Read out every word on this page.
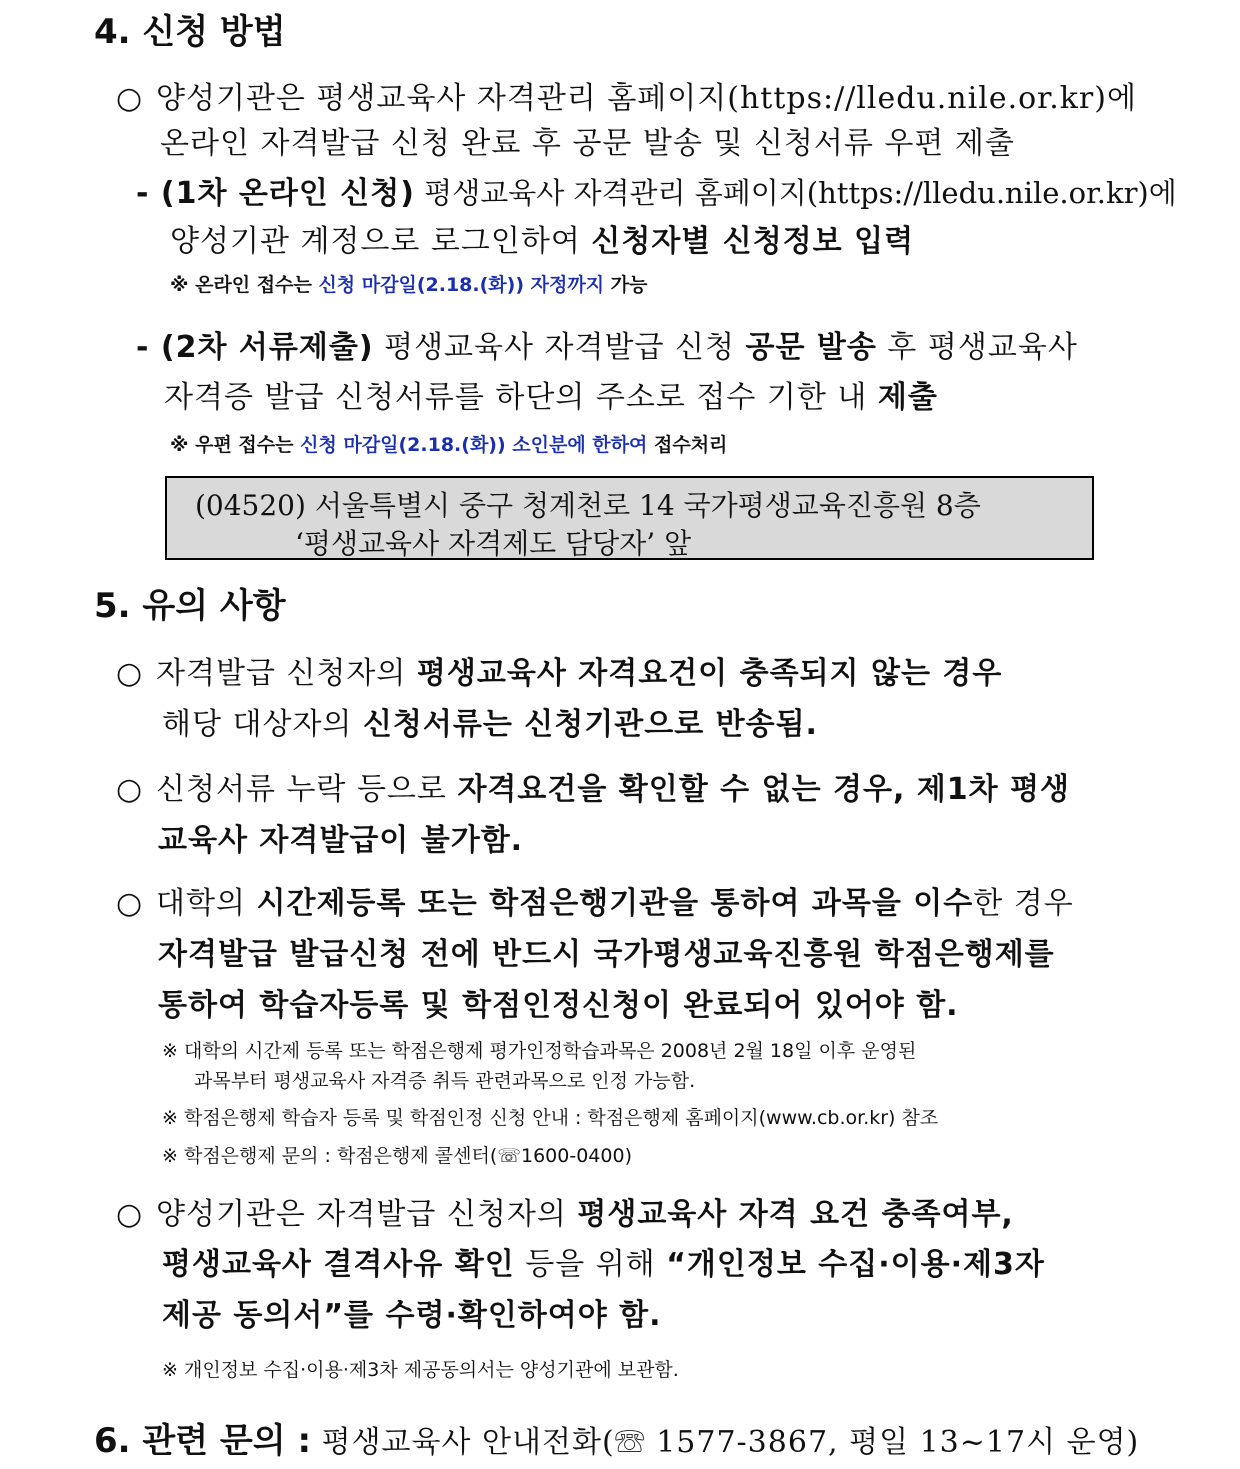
4. 신청 방법
○ 양성기관은 평생교육사 자격관리 홈페이지(https://lledu.nile.or.kr)에
온라인 자격발급 신청 완료 후 공문 발송 및 신청서류 우편 제출
- (1차 온라인 신청) 평생교육사 자격관리 홈페이지(https://lledu.nile.or.kr)에
양성기관 계정으로 로그인하여 신청자별 신청정보 입력
※ 온라인 접수는 신청 마감일(2.18.(화)) 자정까지 가능
- (2차 서류제출) 평생교육사 자격발급 신청 공문 발송 후 평생교육사
자격증 발급 신청서류를 하단의 주소로 접수 기한 내 제출
※ 우편 접수는 신청 마감일(2.18.(화)) 소인분에 한하여 접수처리
(04520) 서울특별시 중구 청계천로 14 국가평생교육진흥원 8층
‘평생교육사 자격제도 담당자’ 앞
5. 유의 사항
○ 자격발급 신청자의 평생교육사 자격요건이 충족되지 않는 경우
해당 대상자의 신청서류는 신청기관으로 반송됨.
○ 신청서류 누락 등으로 자격요건을 확인할 수 없는 경우, 제1차 평생
교육사 자격발급이 불가함.
○ 대학의 시간제등록 또는 학점은행기관을 통하여 과목을 이수한 경우
자격발급 발급신청 전에 반드시 국가평생교육진흥원 학점은행제를
통하여 학습자등록 및 학점인정신청이 완료되어 있어야 함.
※ 대학의 시간제 등록 또는 학점은행제 평가인정학습과목은 2008년 2월 18일 이후 운영된
과목부터 평생교육사 자격증 취득 관련과목으로 인정 가능함.
※ 학점은행제 학습자 등록 및 학점인정 신청 안내 : 학점은행제 홈페이지(www.cb.or.kr) 참조
※ 학점은행제 문의 : 학점은행제 콜센터(☏1600-0400)
○ 양성기관은 자격발급 신청자의 평생교육사 자격 요건 충족여부,
평생교육사 결격사유 확인 등을 위해 “개인정보 수집·이용·제3자
제공 동의서”를 수령·확인하여야 함.
※ 개인정보 수집·이용·제3차 제공동의서는 양성기관에 보관함.
6. 관련 문의 : 평생교육사 안내전화(☏ 1577-3867, 평일 13~17시 운영)
